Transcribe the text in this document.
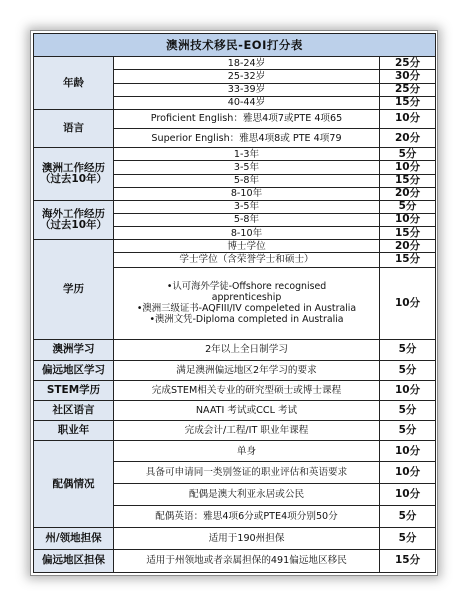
澳洲技术移民-EOI打分表		
年龄	18-24岁	25分
	25-32岁	30分
	33-39岁	25分
	40-44岁	15分
语言	Proficient English：雅思4项7或PTE 4项65	10分
	Superior English：雅思4项8或 PTE 4项79	20分

澳洲工作经历
（过去10年）	1-3年	5分
	3-5年	10分
	5-8年	15分
	8-10年	20分

海外工作经历
（过去10年）	3-5年	5分
	5-8年	10分
	8-10年	15分
学历	博士学位	20分
	学士学位（含荣誉学士和硕士）	15分

	•认可海外学徒-Offshore recognised
apprenticeship
•澳洲三级证书-AQFIII/IV compeleted in Australia
•澳洲文凭-Diploma completed in Australia	10分
澳洲学习	2年以上全日制学习	5分
偏远地区学习	满足澳洲偏远地区2年学习的要求	5分
STEM学历	完成STEM相关专业的研究型硕士或博士课程	10分
社区语言	NAATI 考试或CCL 考试	5分
职业年	完成会计/工程/IT 职业年课程	5分
配偶情况	单身	10分
	具备可申请同一类别签证的职业评估和英语要求	10分
	配偶是澳大利亚永居或公民	10分
	配偶英语：雅思4项6分或PTE4项分别50分	5分
州/领地担保	适用于190州担保	5分
偏远地区担保	适用于州领地或者亲属担保的491偏远地区移民	15分
